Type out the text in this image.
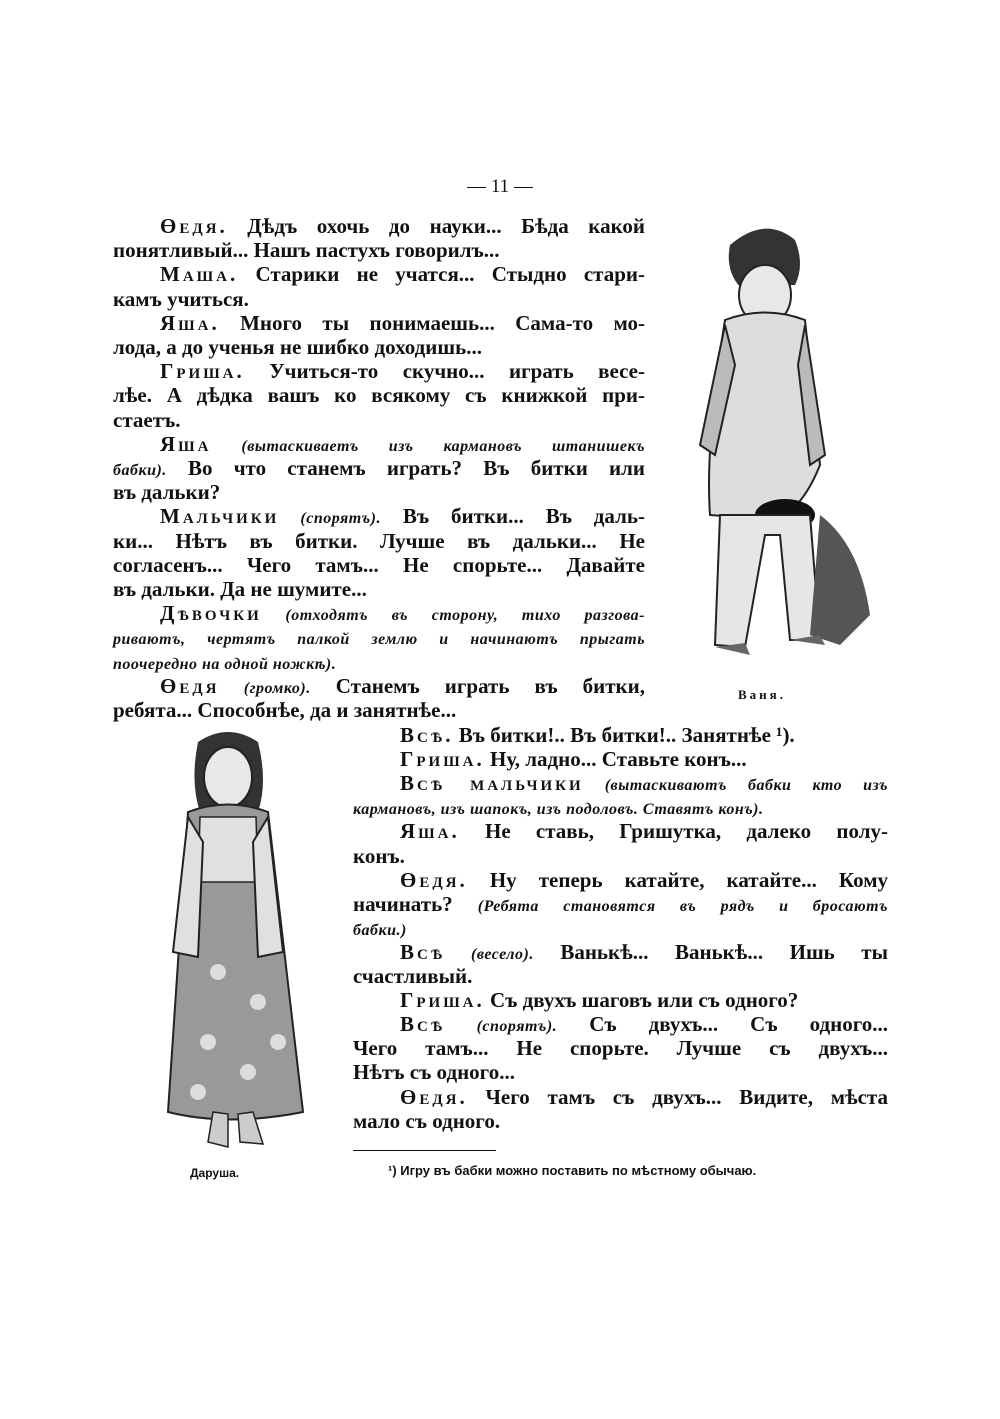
— 11 —
Өедя. Дѣдъ охочь до науки... Бѣда какой
понятливый... Нашъ пастухъ говорилъ...
Маша. Старики не учатся... Стыдно стари-
камъ учиться.
Яша. Много ты понимаешь... Сама-то мо-
лода, а до ученья не шибко доходишь...
Гриша. Учиться-то скучно... играть весе-
лѣе. А дѣдка вашъ ко всякому съ книжкой при-
стаетъ.
Яша (вытаскиваетъ изъ кармановъ штанишекъ
бабки). Во что станемъ играть? Въ битки или
въ дальки?
Мальчики (спорятъ). Въ битки... Въ даль-
ки... Нѣтъ въ битки. Лучше въ дальки... Не
согласенъ... Чего тамъ... Не спорьте... Давайте
въ дальки. Да не шумите...
Дѣвочки (отходятъ въ сторону, тихо разгова-
риваютъ, чертятъ палкой землю и начинаютъ прыгать
поочередно на одной ножкѣ).
Өедя (громко). Станемъ играть въ битки,
ребята... Способнѣе, да и занятнѣе...
Всѣ. Въ битки!.. Въ битки!.. Занятнѣе ¹).
Гриша. Ну, ладно... Ставьте конъ...
Всѣ мальчики (вытаскиваютъ бабки кто изъ
кармановъ, изъ шапокъ, изъ подоловъ. Ставятъ конъ).
Яша. Не ставь, Гришутка, далеко полу-
конъ.
Өедя. Ну теперь катайте, катайте... Кому
начинать? (Ребята становятся въ рядъ и бросаютъ
бабки.)
Всѣ (весело). Ванькѣ... Ванькѣ... Ишь ты
счастливый.
Гриша. Съ двухъ шаговъ или съ одного?
Всѣ (спорятъ). Съ двухъ... Съ одного...
Чего тамъ... Не спорьте. Лучше съ двухъ...
Нѣтъ съ одного...
Өедя. Чего тамъ съ двухъ... Видите, мѣста
мало съ одного.
Ваня.
Даруша.	¹) Игру въ бабки можно поставить по мѣстному обычаю.
